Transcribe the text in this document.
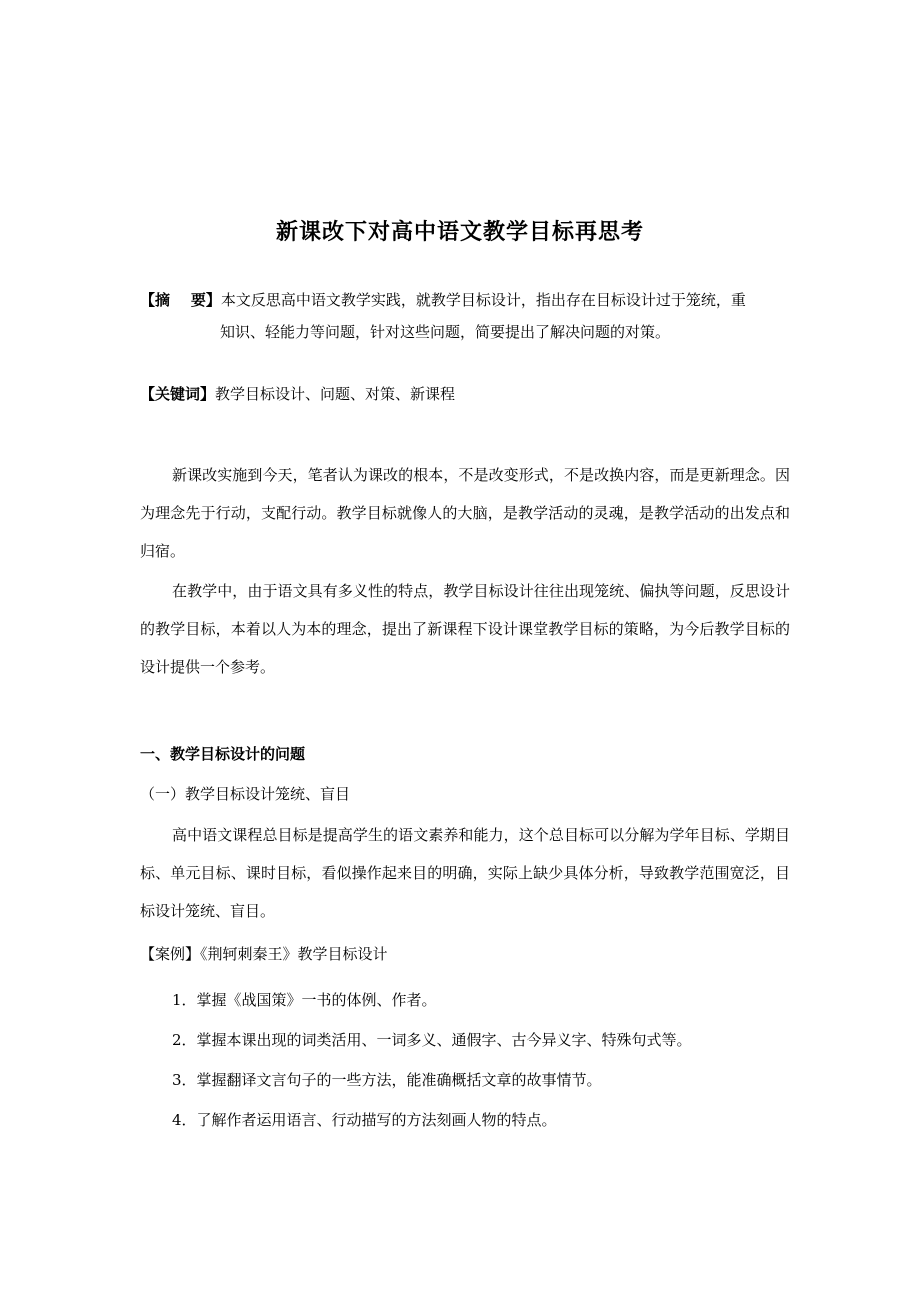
新课改下对高中语文教学目标再思考
【摘    要】本文反思高中语文教学实践，就教学目标设计，指出存在目标设计过于笼统，重
知识、轻能力等问题，针对这些问题，简要提出了解决问题的对策。
【关键词】教学目标设计、问题、对策、新课程

新课改实施到今天，笔者认为课改的根本，不是改变形式，不是改换内容，而是更新理念。因为理念先于行动，支配行动。教学目标就像人的大脑，是教学活动的灵魂，是教学活动的出发点和归宿。

在教学中，由于语文具有多义性的特点，教学目标设计往往出现笼统、偏执等问题，反思设计的教学目标，本着以人为本的理念，提出了新课程下设计课堂教学目标的策略，为今后教学目标的设计提供一个参考。

一、教学目标设计的问题
（一）教学目标设计笼统、盲目

高中语文课程总目标是提高学生的语文素养和能力，这个总目标可以分解为学年目标、学期目标、单元目标、课时目标，看似操作起来目的明确，实际上缺少具体分析，导致教学范围宽泛，目标设计笼统、盲目。

【案例】《荆轲刺秦王》教学目标设计
1．掌握《战国策》一书的体例、作者。
2．掌握本课出现的词类活用、一词多义、通假字、古今异义字、特殊句式等。
3．掌握翻译文言句子的一些方法，能准确概括文章的故事情节。
4．了解作者运用语言、行动描写的方法刻画人物的特点。
